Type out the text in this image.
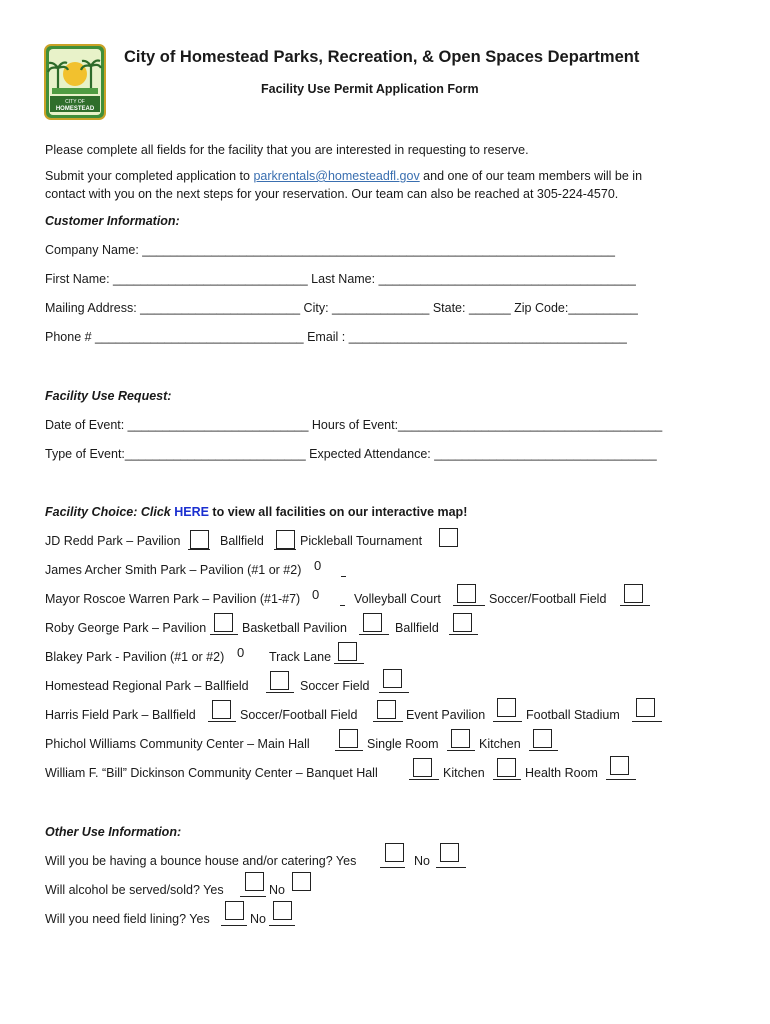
CITY OF
HOMESTEAD
City of Homestead Parks, Recreation, & Open Spaces Department
Facility Use Permit Application Form
Please complete all fields for the facility that you are interested in requesting to reserve.
Submit your completed application to parkrentals@homesteadfl.gov and one of our team members will be in
contact with you on the next steps for your reservation. Our team can also be reached at 305-224-4570.
Customer Information:
Company Name: ____________________________________________________________________
First Name: ____________________________ Last Name: _____________________________________
Mailing Address: _______________________ City: ______________ State: ______ Zip Code:__________
Phone # ______________________________ Email : ________________________________________
Facility Use Request:
Date of Event: __________________________ Hours of Event:______________________________________
Type of Event:__________________________ Expected Attendance: ________________________________
Facility Choice: Click HERE to view all facilities on our interactive map!
JD Redd Park – Pavilion	Ballfield	Pickleball Tournament
James Archer Smith Park – Pavilion (#1 or #2) 0
Mayor Roscoe Warren Park – Pavilion (#1-#7) 0	Volleyball Court	Soccer/Football Field
Roby George Park – Pavilion	Basketball Pavilion	Ballfield
Blakey Park - Pavilion (#1 or #2) 0 Track Lane
Homestead Regional Park – Ballfield	Soccer Field
Harris Field Park – Ballfield	Soccer/Football Field	Event Pavilion	Football Stadium
Phichol Williams Community Center – Main Hall	Single Room	Kitchen
William F. “Bill” Dickinson Community Center – Banquet Hall	Kitchen	Health Room
Other Use Information:
Will you be having a bounce house and/or catering? Yes	No
Will alcohol be served/sold? Yes	No
Will you need field lining? Yes	No
